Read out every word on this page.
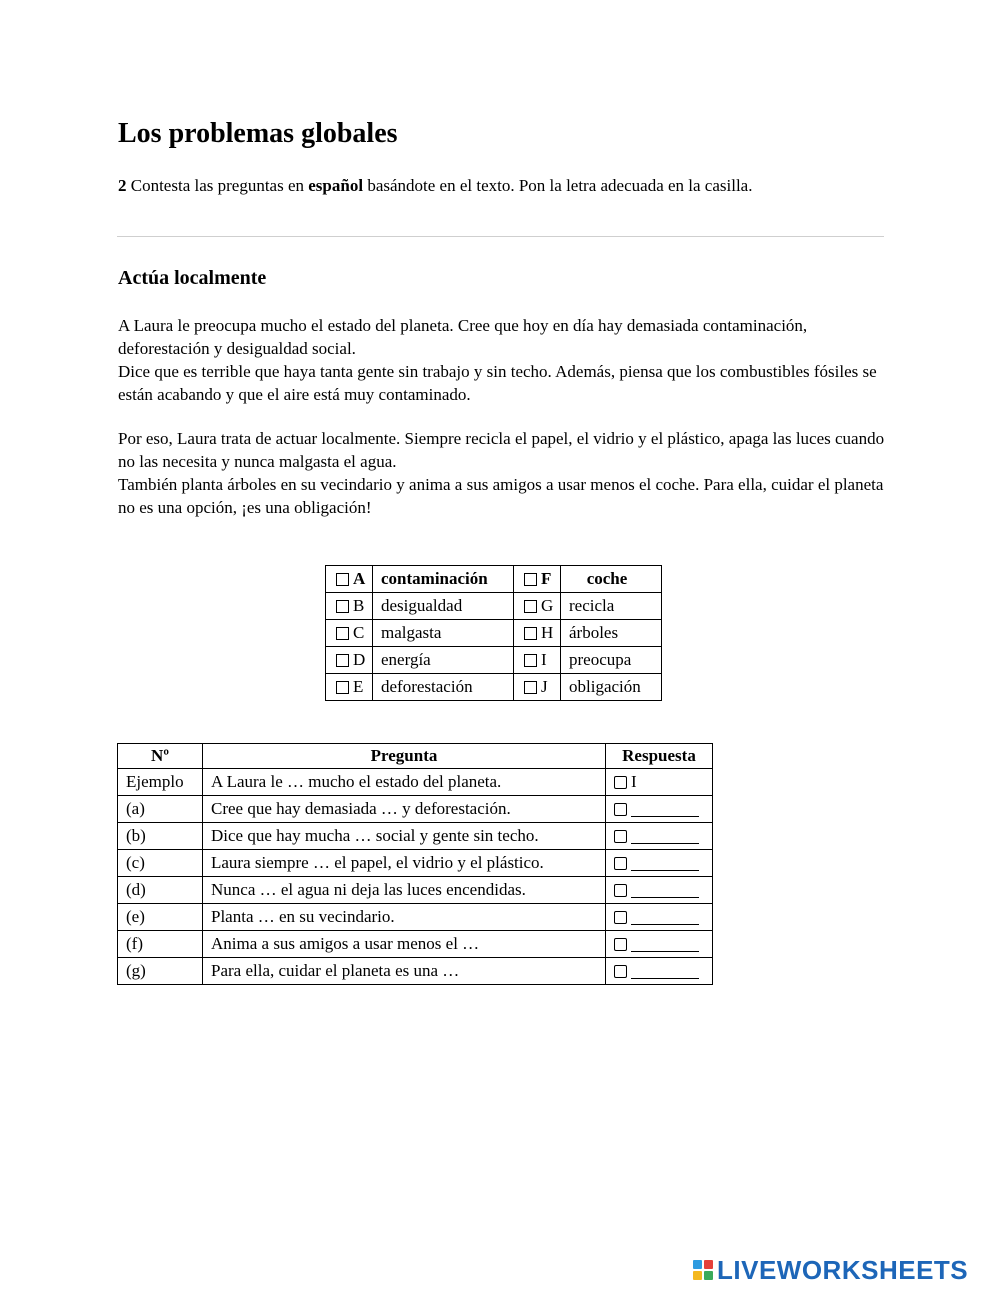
Los problemas globales
2 Contesta las preguntas en español basándote en el texto. Pon la letra adecuada en la casilla.
Actúa localmente

A Laura le preocupa mucho el estado del planeta. Cree que hoy en día hay demasiada contaminación, deforestación y desigualdad social.

Dice que es terrible que haya tanta gente sin trabajo y sin techo. Además, piensa que los combustibles fósiles se están acabando y que el aire está muy contaminado.

Por eso, Laura trata de actuar localmente. Siempre recicla el papel, el vidrio y el plástico, apaga las luces cuando no las necesita y nunca malgasta el agua.

También planta árboles en su vecindario y anima a sus amigos a usar menos el coche. Para ella, cuidar el planeta no es una opción, ¡es una obligación!

A	contaminación	F	coche
B	desigualdad	G	recicla
C	malgasta	H	árboles
D	energía	I	preocupa
E	deforestación	J	obligación
Nº	Pregunta	Respuesta
Ejemplo	A Laura le … mucho el estado del planeta.	I
(a)	Cree que hay demasiada … y deforestación.	
(b)	Dice que hay mucha … social y gente sin techo.	
(c)	Laura siempre … el papel, el vidrio y el plástico.	
(d)	Nunca … el agua ni deja las luces encendidas.	
(e)	Planta … en su vecindario.	
(f)	Anima a sus amigos a usar menos el …	
(g)	Para ella, cuidar el planeta es una …	
LIVEWORKSHEETS
